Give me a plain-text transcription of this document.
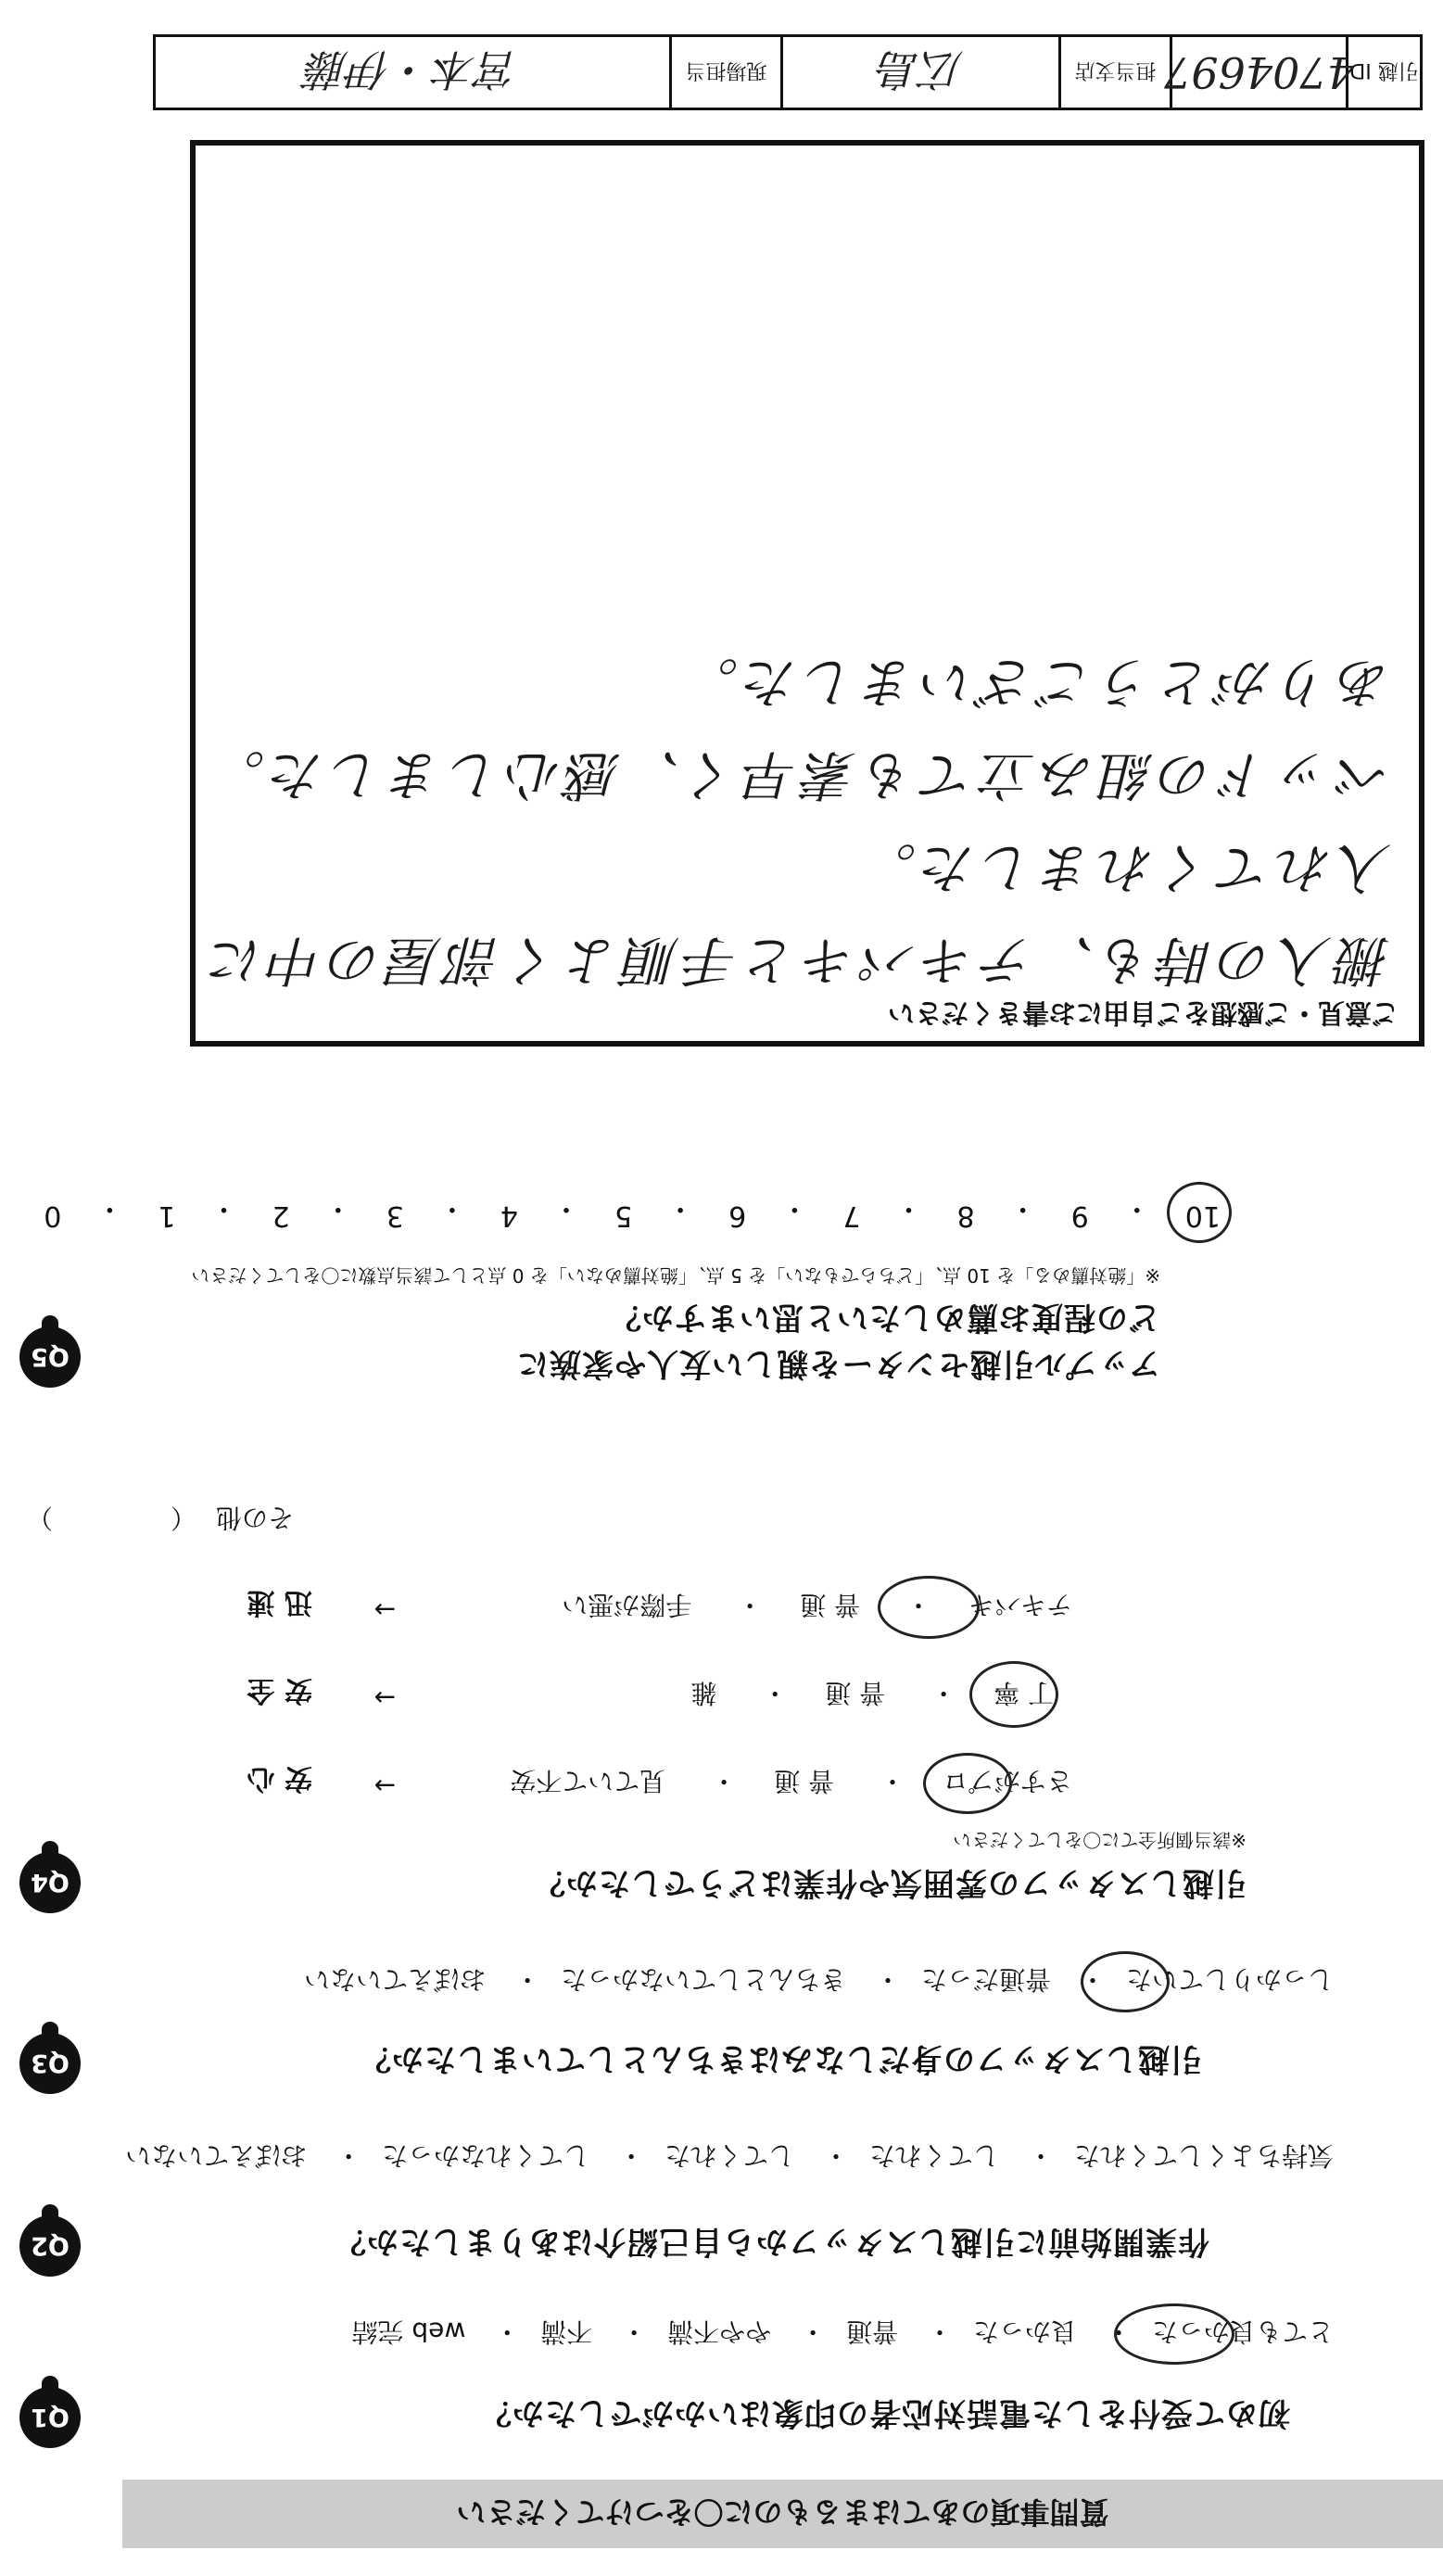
質問事項のあてはまるものに〇をつけてください
Q1	初めて受付をした電話対応者の印象はいかがでしたか？
とても良かった・ 良かった・ 普通・ やや不満・ 不満・ web 完結
Q2	作業開始前に引越しスタッフから自己紹介はありましたか？
気持ちよくしてくれた・ してくれた・ してくれた・ してくれなかった・ おぼえていない
Q3	引越しスタッフの身だしなみはきちんとしていましたか？
しっかりしていた・ 普通だった・ きちんとしていなかった・ おぼえていない
Q4	引越しスタッフの雰囲気や作業はどうでしたか？
※該当個所全てに〇をしてください
安 心 →	さすがプロ・ 普 通・ 見ていて不安
安 全 →	丁 寧・ 普 通・ 雑
迅 速 →	テキパキ・ 普 通・ 手際が悪い
その他
（
）
Q5	アップル引越センターを親しい友人や家族に
どの程度お薦めしたいと思いますか？
※「絶対薦める」を 10 点、「どちらでもない」を 5 点、「絶対薦めない」を 0 点として該当点数に〇をしてください
10
・
9
・
8
・
7
・
6
・
5
・
4
・
3
・
2
・
1
・
0
ご意見・ご感想をご自由にお書きください
搬入の時も、テキパキと手順よく部屋の中に
入れてくれました。
ベッドの組み立ても素早く、感心しました。
ありがとうございました。
引越 ID
4704697
担当支店
広島
現場担当
宮本・伊藤
